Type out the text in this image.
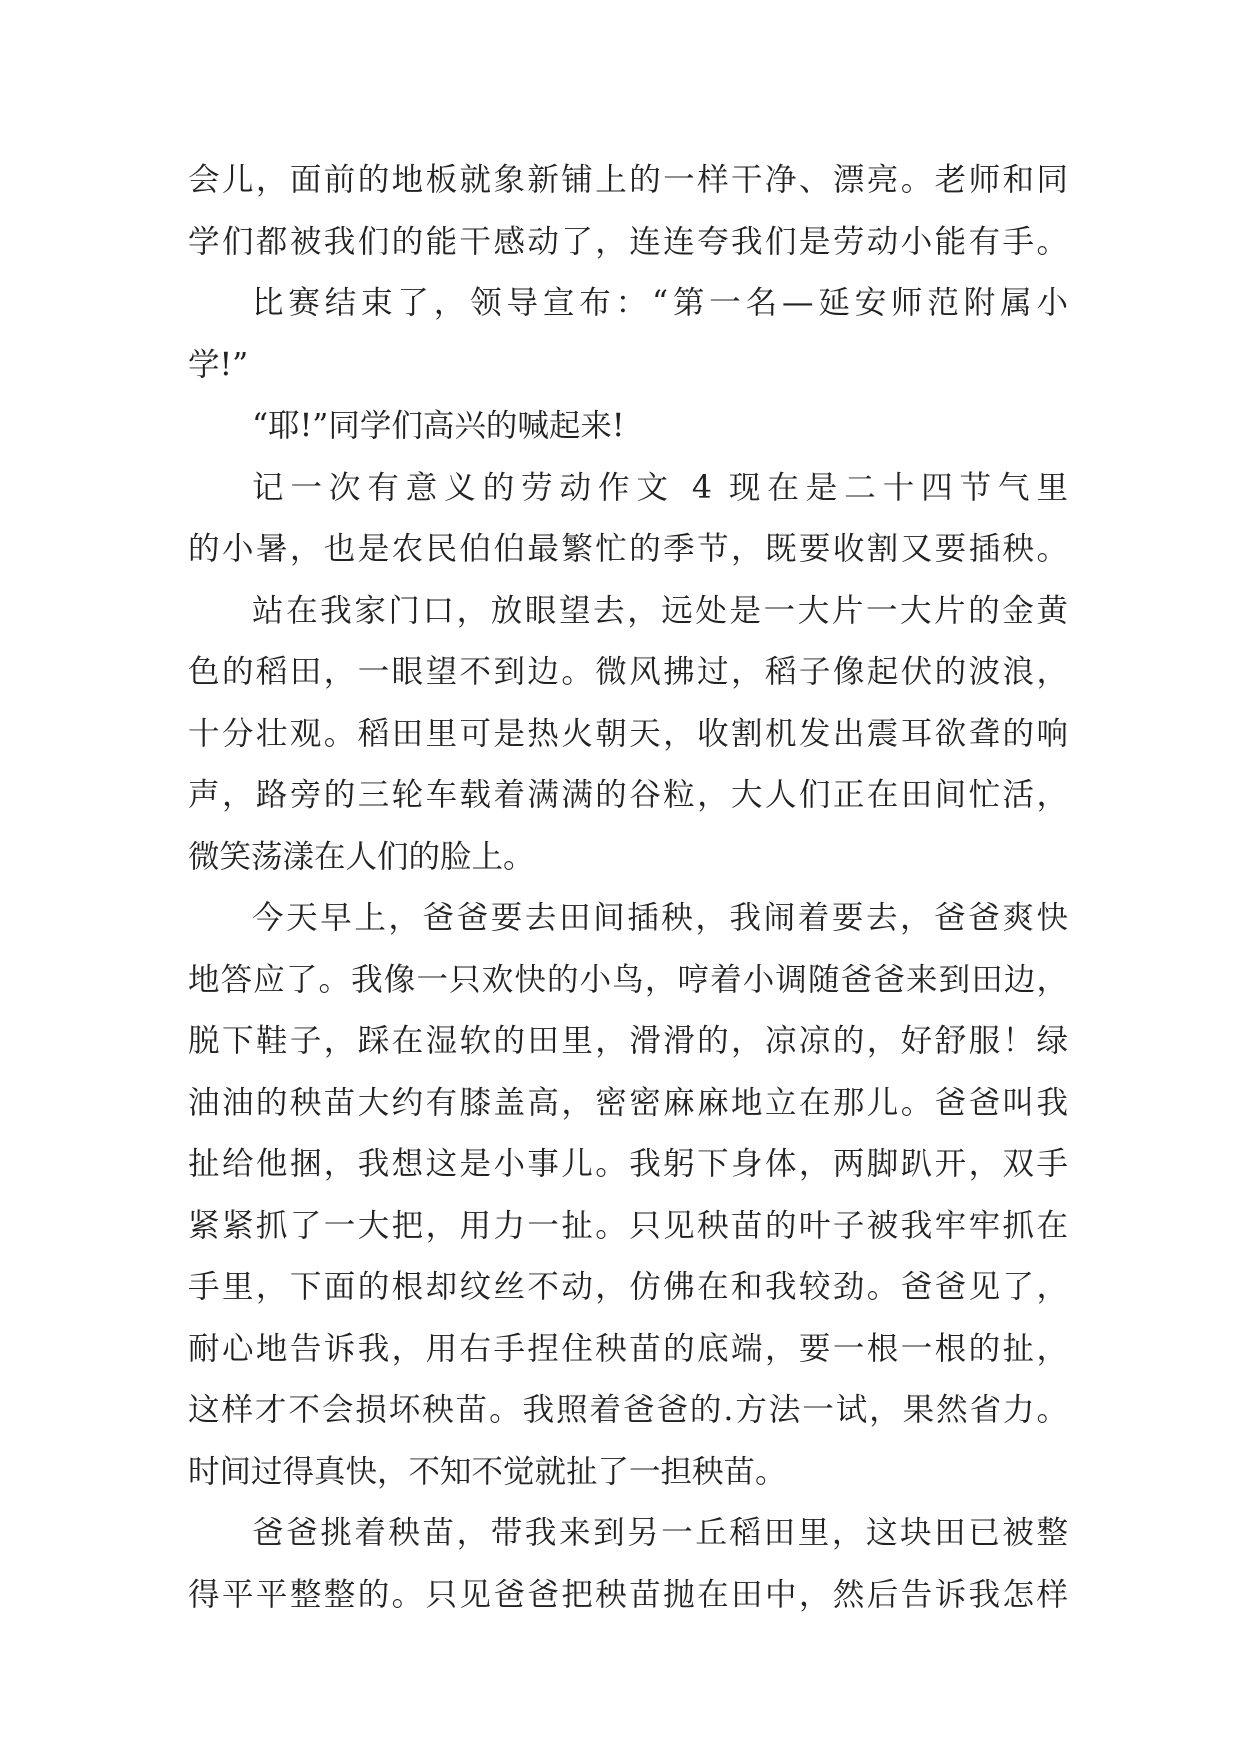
会儿，面前的地板就象新铺上的一样干净、漂亮。老师和同
学们都被我们的能干感动了，连连夸我们是劳动小能有手。
比赛结束了，领导宣布：“第一名—延安师范附属小
学!”
“耶!”同学们高兴的喊起来!
记一次有意义的劳动作文 4 现在是二十四节气里
的小暑，也是农民伯伯最繁忙的季节，既要收割又要插秧。
站在我家门口，放眼望去，远处是一大片一大片的金黄
色的稻田，一眼望不到边。微风拂过，稻子像起伏的波浪，
十分壮观。稻田里可是热火朝天，收割机发出震耳欲聋的响
声，路旁的三轮车载着满满的谷粒，大人们正在田间忙活，
微笑荡漾在人们的脸上。
今天早上，爸爸要去田间插秧，我闹着要去，爸爸爽快
地答应了。我像一只欢快的小鸟，哼着小调随爸爸来到田边，
脱下鞋子，踩在湿软的田里，滑滑的，凉凉的，好舒服！绿
油油的秧苗大约有膝盖高，密密麻麻地立在那儿。爸爸叫我
扯给他捆，我想这是小事儿。我躬下身体，两脚趴开，双手
紧紧抓了一大把，用力一扯。只见秧苗的叶子被我牢牢抓在
手里，下面的根却纹丝不动，仿佛在和我较劲。爸爸见了，
耐心地告诉我，用右手捏住秧苗的底端，要一根一根的扯，
这样才不会损坏秧苗。我照着爸爸的.方法一试，果然省力。
时间过得真快，不知不觉就扯了一担秧苗。
爸爸挑着秧苗，带我来到另一丘稻田里，这块田已被整
得平平整整的。只见爸爸把秧苗抛在田中，然后告诉我怎样
